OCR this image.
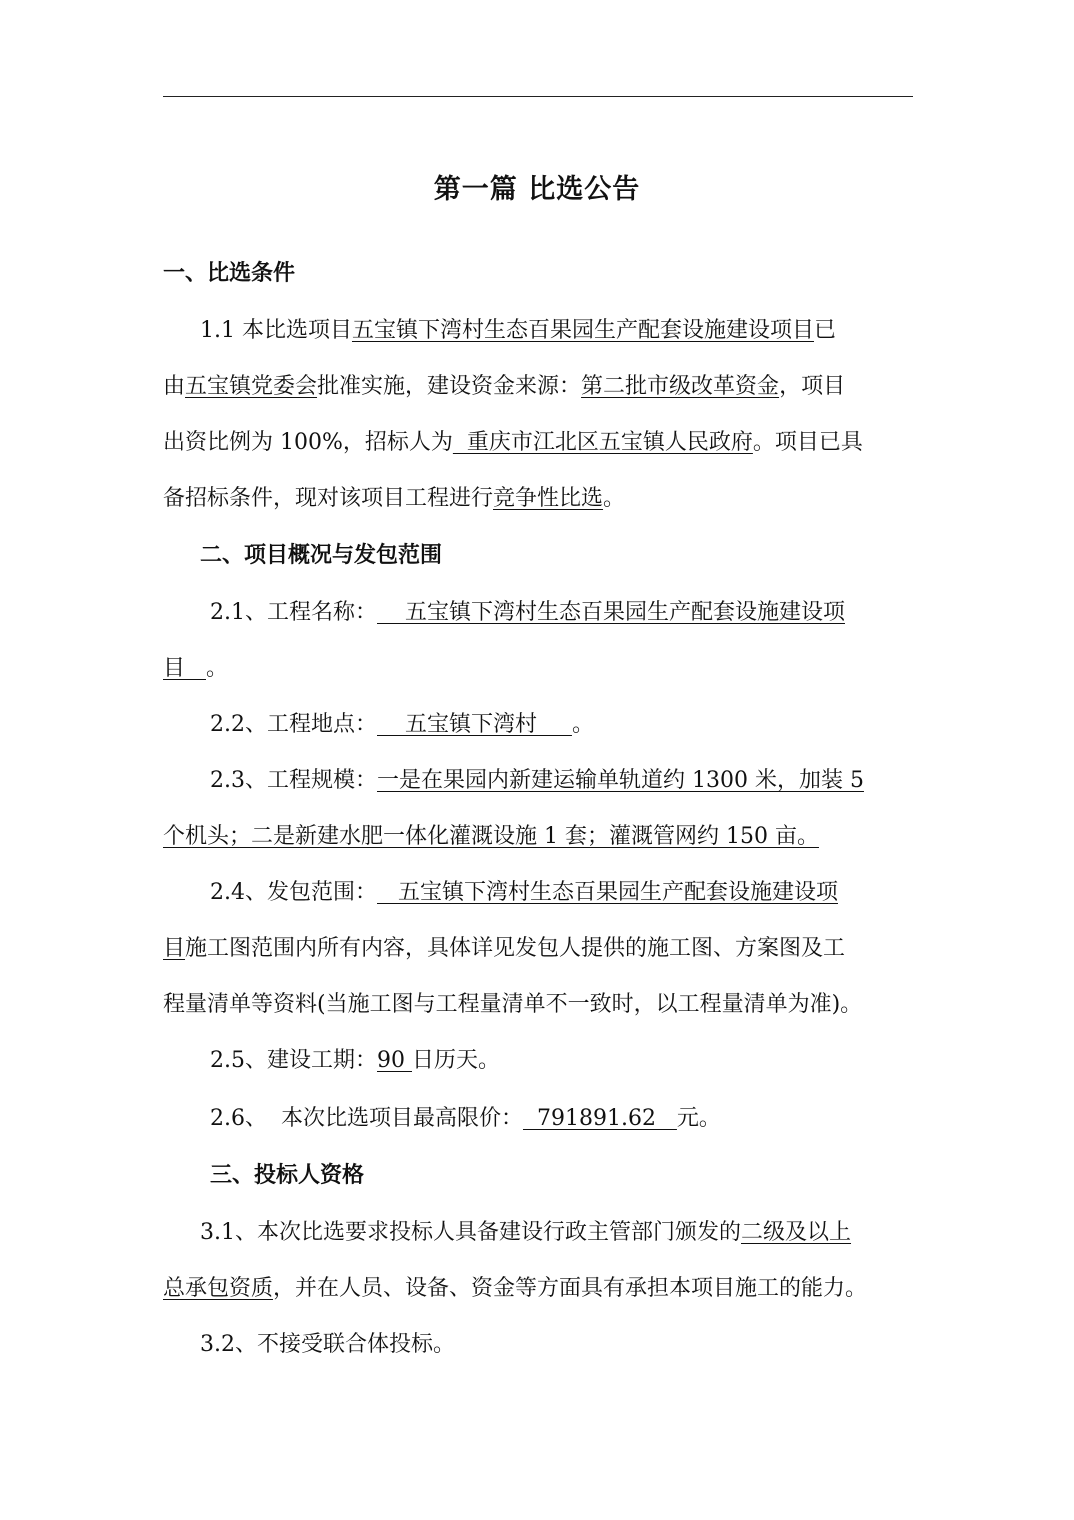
第一篇 比选公告
一、比选条件
1.1 本比选项目五宝镇下湾村生态百果园生产配套设施建设项目已
由五宝镇党委会批准实施，建设资金来源：第二批市级改革资金，项目
出资比例为 100%，招标人为  重庆市江北区五宝镇人民政府。项目已具
备招标条件，现对该项目工程进行竞争性比选。
二、项目概况与发包范围
2.1、工程名称：    五宝镇下湾村生态百果园生产配套设施建设项
目   。
2.2、工程地点：    五宝镇下湾村     。
2.3、工程规模：一是在果园内新建运输单轨道约 1300 米，加装 5
个机头；二是新建水肥一体化灌溉设施 1 套；灌溉管网约 150 亩。
2.4、发包范围：   五宝镇下湾村生态百果园生产配套设施建设项
目施工图范围内所有内容，具体详见发包人提供的施工图、方案图及工
程量清单等资料(当施工图与工程量清单不一致时，以工程量清单为准)。
2.5、建设工期：90 日历天。
2.6、  本次比选项目最高限价：  791891.62   元。
三、投标人资格
3.1、本次比选要求投标人具备建设行政主管部门颁发的二级及以上
总承包资质，并在人员、设备、资金等方面具有承担本项目施工的能力。
3.2、不接受联合体投标。
